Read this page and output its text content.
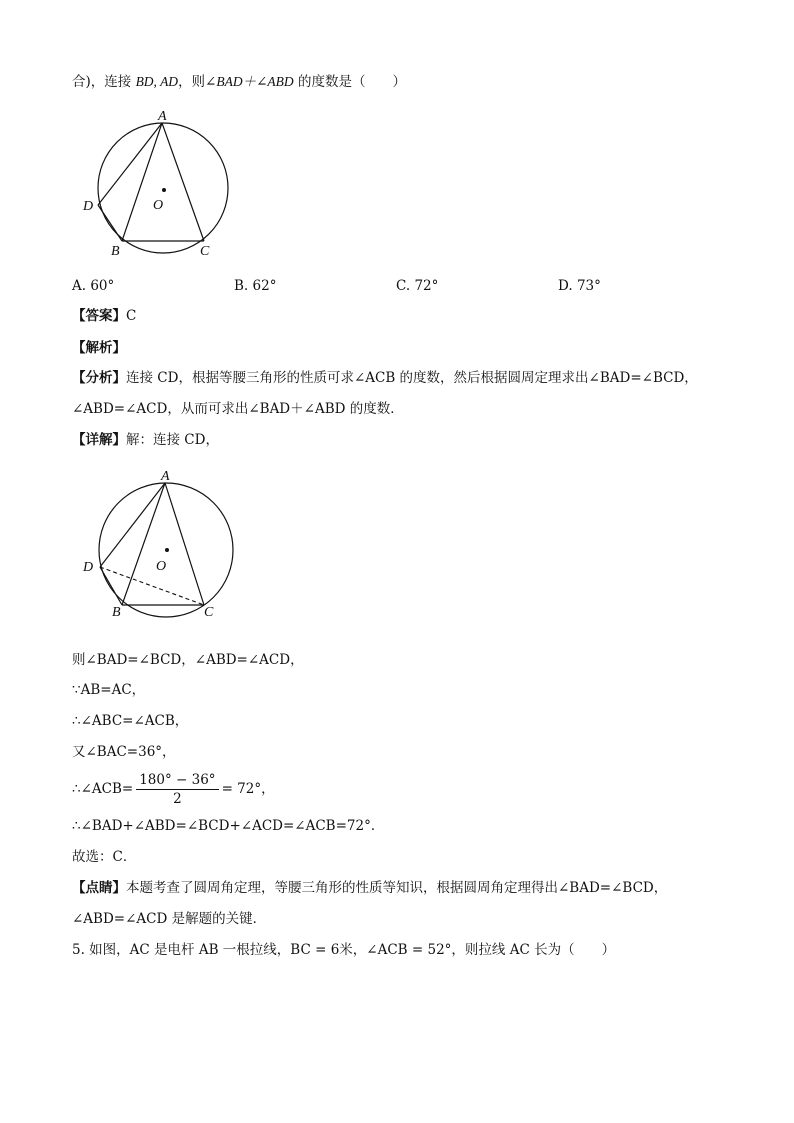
合)，连接 BD, AD，则∠BAD＋∠ABD 的度数是（　　）
A
O
D
B	C
A. 60°	B. 62°	C. 72°	D. 73°
【答案】C
【解析】
【分析】连接 CD，根据等腰三角形的性质可求∠ACB 的度数，然后根据圆周定理求出∠BAD=∠BCD，
∠ABD=∠ACD，从而可求出∠BAD＋∠ABD 的度数．
【详解】解：连接 CD，
A
O
D
B	C
则∠BAD=∠BCD，∠ABD=∠ACD，
∵AB=AC，
∴∠ABC=∠ACB，
又∠BAC=36°，
∴∠ACB= $\frac{180^\circ - 36^\circ}{2} = 72^\circ$，
∴∠BAD+∠ABD=∠BCD+∠ACD=∠ACB=72°．
故选：C．
【点睛】本题考查了圆周角定理，等腰三角形的性质等知识，根据圆周角定理得出∠BAD=∠BCD，
∠ABD=∠ACD 是解题的关键．
5. 如图，AC 是电杆 AB 一根拉线，BC = 6米，∠ACB = 52°，则拉线 AC 长为（　　）
